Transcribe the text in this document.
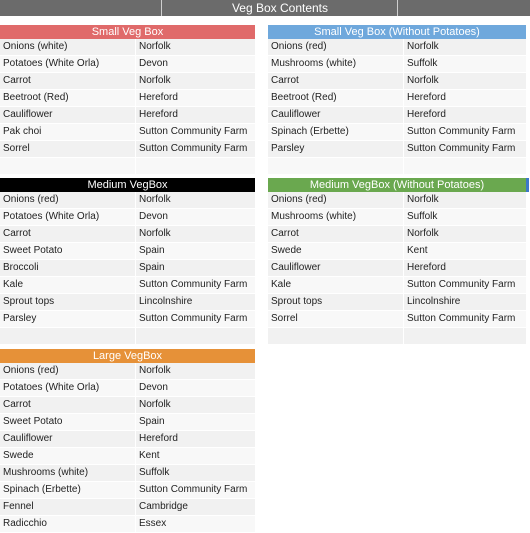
Veg Box Contents
Small Veg Box
Onions (white)	Norfolk
Potatoes (White Orla)	Devon
Carrot	Norfolk
Beetroot (Red)	Hereford
Cauliflower	Hereford
Pak choi	Sutton Community Farm
Sorrel	Sutton Community Farm
Small Veg Box (Without Potatoes)
Onions (red)	Norfolk
Mushrooms (white)	Suffolk
Carrot	Norfolk
Beetroot (Red)	Hereford
Cauliflower	Hereford
Spinach (Erbette)	Sutton Community Farm
Parsley	Sutton Community Farm
Medium VegBox
Onions (red)	Norfolk
Potatoes (White Orla)	Devon
Carrot	Norfolk
Sweet Potato	Spain
Broccoli	Spain
Kale	Sutton Community Farm
Sprout tops	Lincolnshire
Parsley	Sutton Community Farm
Medium VegBox (Without Potatoes)
Onions (red)	Norfolk
Mushrooms (white)	Suffolk
Carrot	Norfolk
Swede	Kent
Cauliflower	Hereford
Kale	Sutton Community Farm
Sprout tops	Lincolnshire
Sorrel	Sutton Community Farm
Large VegBox
Onions (red)	Norfolk
Potatoes (White Orla)	Devon
Carrot	Norfolk
Sweet Potato	Spain
Cauliflower	Hereford
Swede	Kent
Mushrooms (white)	Suffolk
Spinach (Erbette)	Sutton Community Farm
Fennel	Cambridge
Radicchio	Essex
